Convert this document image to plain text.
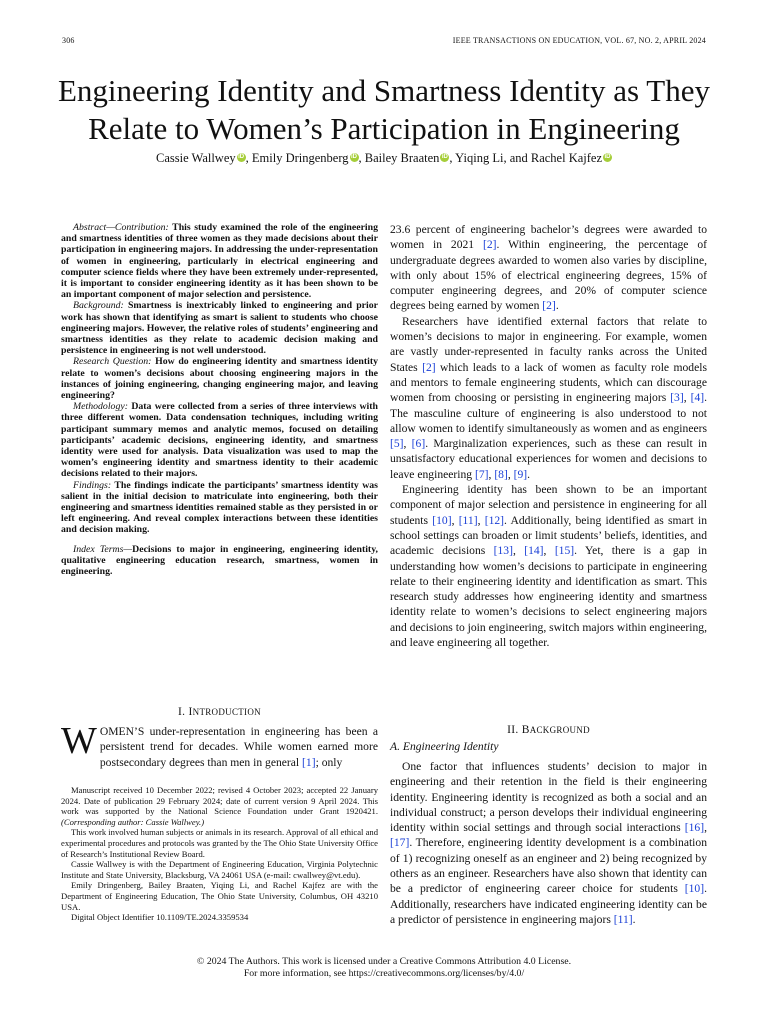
306	IEEE TRANSACTIONS ON EDUCATION, VOL. 67, NO. 2, APRIL 2024
Engineering Identity and Smartness Identity as They
Relate to Women’s Participation in Engineering
Cassie Wallwey iD , Emily Dringenberg iD , Bailey Braaten iD , Yiqing Li, and Rachel Kajfez iD

Abstract—Contribution: This study examined the role of the engineering and smartness identities of three women as they made decisions about their participation in engineering majors. In addressing the under-representation of women in engineering, particularly in electrical engineering and computer science fields where they have been extremely under-represented, it is important to consider engineering identity as it has been shown to be an important component of major selection and persistence.

Background: Smartness is inextricably linked to engineering and prior work has shown that identifying as smart is salient to students who choose engineering majors. However, the relative roles of students’ engineering and smartness identities as they relate to academic decision making and persistence in engineering is not well understood.

Research Question: How do engineering identity and smartness identity relate to women’s decisions about choosing engineering majors in the instances of joining engineering, changing engineering major, and leaving engineering?

Methodology: Data were collected from a series of three interviews with three different women. Data condensation techniques, including writing participant summary memos and analytic memos, focused on detailing participants’ academic decisions, engineering identity, and smartness identity were used for analysis. Data visualization was used to map the women’s engineering identity and smartness identity to their academic decisions related to their majors.

Findings: The findings indicate the participants’ smartness identity was salient in the initial decision to matriculate into engineering, both their engineering and smartness identities remained stable as they persisted in or left engineering. And reveal complex interactions between these identities and decision making.

Index Terms—Decisions to major in engineering, engineering identity, qualitative engineering education research, smartness, women in engineering.

I. INTRODUCTION
WOMEN’S under-representation in engineering has been a persistent trend for decades. While women earned more postsecondary degrees than men in general [1]; only

Manuscript received 10 December 2022; revised 4 October 2023; accepted 22 January 2024. Date of publication 29 February 2024; date of current version 9 April 2024. This work was supported by the National Science Foundation under Grant 1920421. (Corresponding author: Cassie Wallwey.)

This work involved human subjects or animals in its research. Approval of all ethical and experimental procedures and protocols was granted by the The Ohio State University Office of Research’s Institutional Review Board.

Cassie Wallwey is with the Department of Engineering Education, Virginia Polytechnic Institute and State University, Blacksburg, VA 24061 USA (e-mail: cwallwey@vt.edu).

Emily Dringenberg, Bailey Braaten, Yiqing Li, and Rachel Kajfez are with the Department of Engineering Education, The Ohio State University, Columbus, OH 43210 USA.

Digital Object Identifier 10.1109/TE.2024.3359534

23.6 percent of engineering bachelor’s degrees were awarded to women in 2021 [2]. Within engineering, the percentage of undergraduate degrees awarded to women also varies by discipline, with only about 15% of electrical engineering degrees, 15% of computer engineering degrees, and 20% of computer science degrees being earned by women [2].

Researchers have identified external factors that relate to women’s decisions to major in engineering. For example, women are vastly under-represented in faculty ranks across the United States [2] which leads to a lack of women as faculty role models and mentors to female engineering students, which can discourage women from choosing or persisting in engineering majors [3], [4]. The masculine culture of engineering is also understood to not allow women to identify simultaneously as women and as engineers [5], [6]. Marginalization experiences, such as these can result in unsatisfactory educational experiences for women and decisions to leave engineering [7], [8], [9].

Engineering identity has been shown to be an important component of major selection and persistence in engineering for all students [10], [11], [12]. Additionally, being identified as smart in school settings can broaden or limit students’ beliefs, identities, and academic decisions [13], [14], [15]. Yet, there is a gap in understanding how women’s decisions to participate in engineering relate to their engineering identity and identification as smart. This research study addresses how engineering identity and smartness identity relate to women’s decisions to select engineering majors and decisions to join engineering, switch majors within engineering, and leave engineering all together.

II. BACKGROUND
A. Engineering Identity

One factor that influences students’ decision to major in engineering and their retention in the field is their engineering identity. Engineering identity is recognized as both a social and an individual construct; a person develops their individual engineering identity within social settings and through social interactions [16], [17]. Therefore, engineering identity development is a combination of 1) recognizing oneself as an engineer and 2) being recognized by others as an engineer. Researchers have also shown that identity can be a predictor of engineering career choice for students [10]. Additionally, researchers have indicated engineering identity can be a predictor of persistence in engineering majors [11].

© 2024 The Authors. This work is licensed under a Creative Commons Attribution 4.0 License.
For more information, see https://creativecommons.org/licenses/by/4.0/
